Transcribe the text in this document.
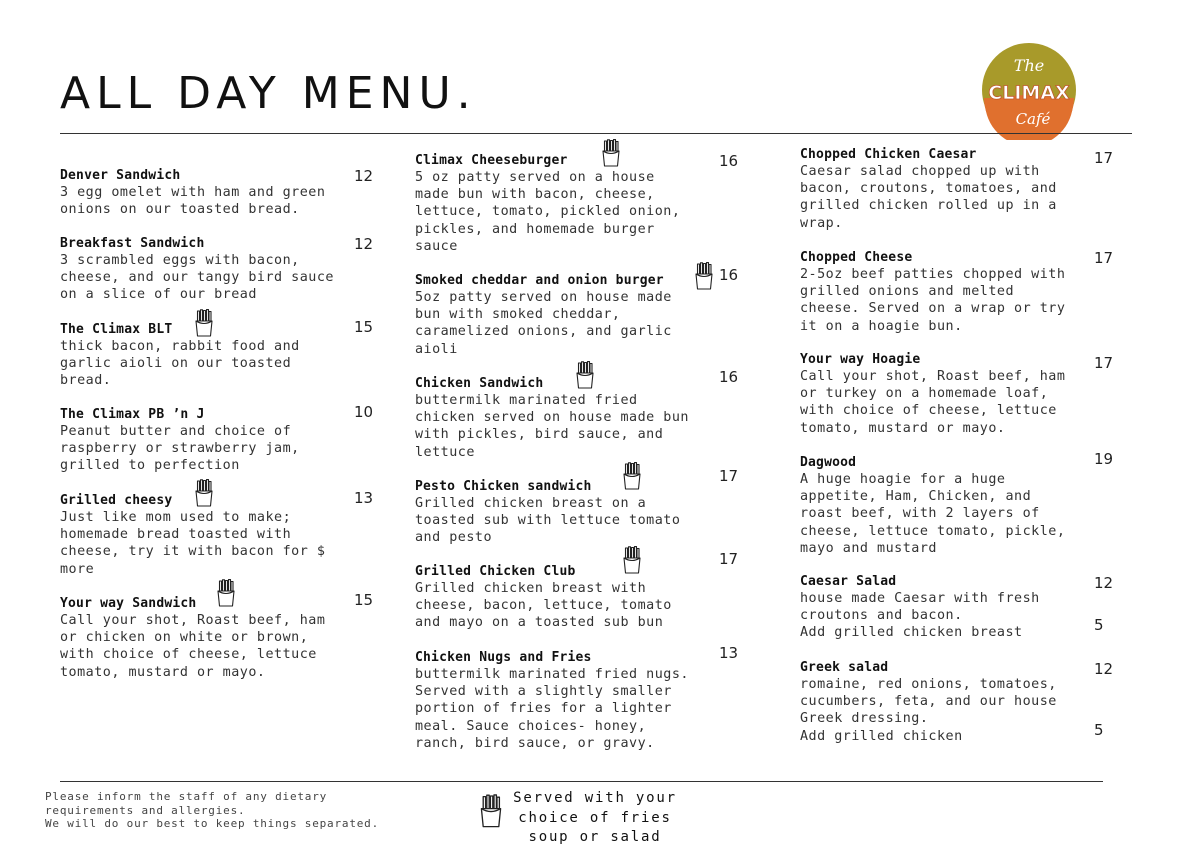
ALL DAY MENU.
The
CLIMAX
Café
Denver Sandwich
3 egg omelet with ham and green
onions on our toasted bread.
12
Breakfast Sandwich
3 scrambled eggs with bacon,
cheese, and our tangy bird sauce
on a slice of our bread
12
The Climax BLT
thick bacon, rabbit food and
garlic aioli on our toasted
bread.
15
The Climax PB ’n J
Peanut butter and choice of
raspberry or strawberry jam,
grilled to perfection
10
Grilled cheesy
Just like mom used to make;
homemade bread toasted with
cheese, try it with bacon for $
more
13
Your way Sandwich
Call your shot, Roast beef, ham
or chicken on white or brown,
with choice of cheese, lettuce
tomato, mustard or mayo.
15
Climax Cheeseburger
5 oz patty served on a house
made bun with bacon, cheese,
lettuce, tomato, pickled onion,
pickles, and homemade burger
sauce
16
Smoked cheddar and onion burger
5oz patty served on house made
bun with smoked cheddar,
caramelized onions, and garlic
aioli
16
Chicken Sandwich
buttermilk marinated fried
chicken served on house made bun
with pickles, bird sauce, and
lettuce
16
Pesto Chicken sandwich
Grilled chicken breast on a
toasted sub with lettuce tomato
and pesto
17
Grilled Chicken Club
Grilled chicken breast with
cheese, bacon, lettuce, tomato
and mayo on a toasted sub bun
17
Chicken Nugs and Fries
buttermilk marinated fried nugs.
Served with a slightly smaller
portion of fries for a lighter
meal. Sauce choices- honey,
ranch, bird sauce, or gravy.
13
Chopped Chicken Caesar
Caesar salad chopped up with
bacon, croutons, tomatoes, and
grilled chicken rolled up in a
wrap.
17
Chopped Cheese
2-5oz beef patties chopped with
grilled onions and melted
cheese. Served on a wrap or try
it on a hoagie bun.
17
Your way Hoagie
Call your shot, Roast beef, ham
or turkey on a homemade loaf,
with choice of cheese, lettuce
tomato, mustard or mayo.
17
Dagwood
A huge hoagie for a huge
appetite, Ham, Chicken, and
roast beef, with 2 layers of
cheese, lettuce tomato, pickle,
mayo and mustard
19
Caesar Salad
house made Caesar with fresh
croutons and bacon.
Add grilled chicken breast
12
5
Greek salad
romaine, red onions, tomatoes,
cucumbers, feta, and our house
Greek dressing.
Add grilled chicken
12
5
Please inform the staff of any dietary
requirements and allergies.
We will do our best to keep things separated.
Served with your
choice of fries
soup or salad
